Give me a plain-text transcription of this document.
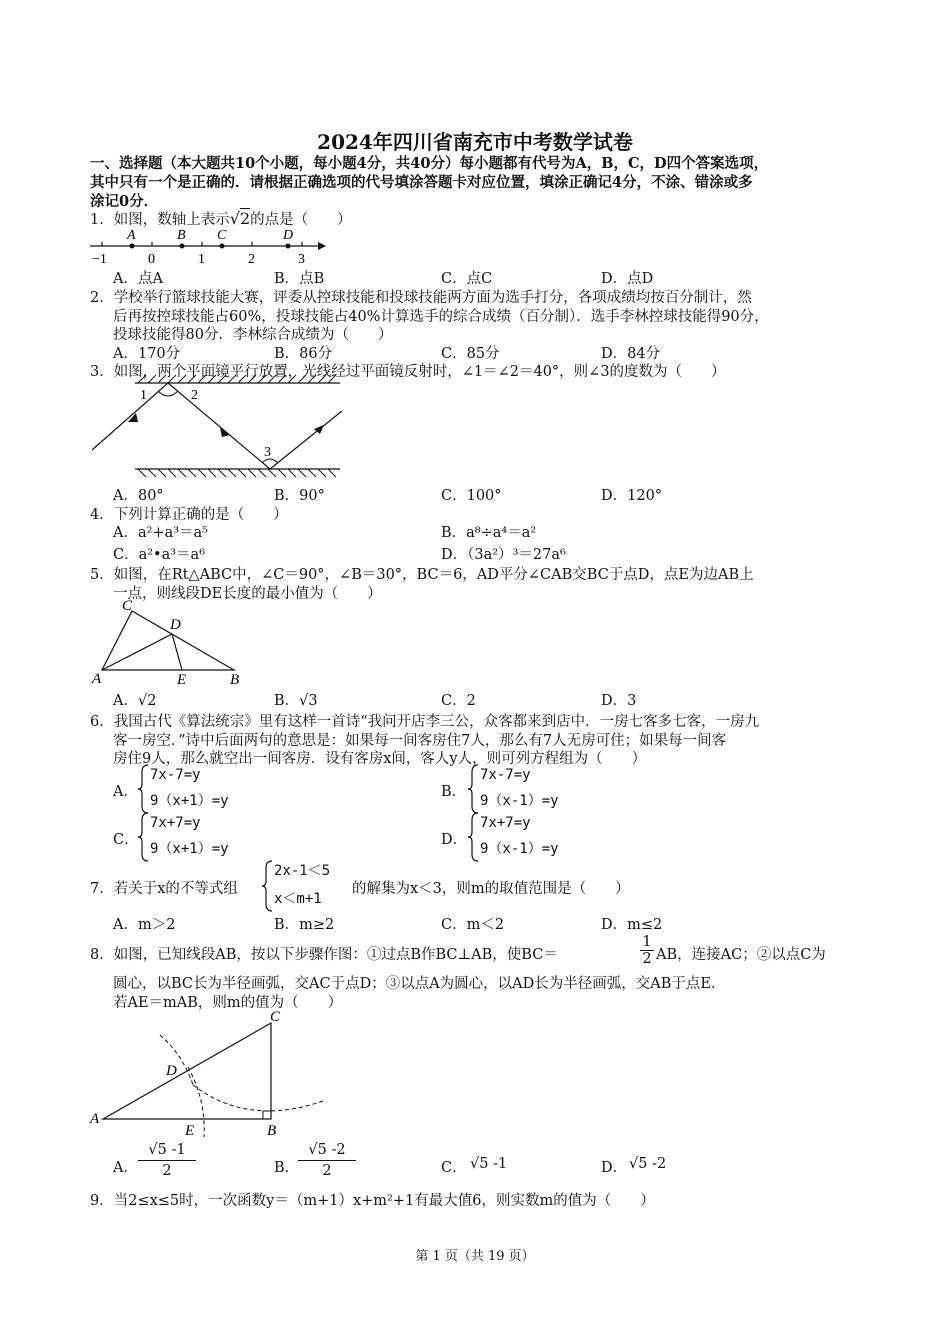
2024年四川省南充市中考数学试卷
一、选择题（本大题共10个小题，每小题4分，共40分）每小题都有代号为A，B，C，D四个答案选项，
其中只有一个是正确的．请根据正确选项的代号填涂答题卡对应位置，填涂正确记4分，不涂、错涂或多
涂记0分．
1．如图，数轴上表示√2的点是（　　）
A	B C	D
−1	0	1	2	3
A．点A	B．点B	C．点C	D．点D
2．学校举行篮球技能大赛，评委从控球技能和投球技能两方面为选手打分，各项成绩均按百分制计，然
后再按控球技能占60%，投球技能占40%计算选手的综合成绩（百分制）．选手李林控球技能得90分，
投球技能得80分．李林综合成绩为（　　）
A．170分	B．86分	C．85分	D．84分
3．如图，两个平面镜平行放置，光线经过平面镜反射时，∠1＝∠2＝40°，则∠3的度数为（　　）
1	2
3
A．80°	B．90°	C．100°	D．120°
4．下列计算正确的是（　　）
A．a²+a³＝a⁵	B．a⁸÷a⁴＝a²
C．a²•a³＝a⁶	D．（3a²）³＝27a⁶
5．如图，在Rt△ABC中，∠C＝90°，∠B＝30°，BC＝6，AD平分∠CAB交BC于点D，点E为边AB上
一点，则线段DE长度的最小值为（　　）
C
D
A	E	B
A．√2	B．√3	C．2	D．3
6．我国古代《算法统宗》里有这样一首诗“我问开店李三公，众客都来到店中．一房七客多七客，一房九
客一房空．”诗中后面两句的意思是：如果每一间客房住7人，那么有7人无房可住；如果每一间客
房住9人，那么就空出一间客房．设有客房x间，客人y人，则可列方程组为（　　）
A．
7x-7=y
9（x+1）=y
B．
7x-7=y
9（x-1）=y
C．
7x+7=y
9（x+1）=y
D．
7x+7=y
9（x-1）=y
7．若关于x的不等式组
2x-1＜5
x＜m+1
的解集为x＜3，则m的取值范围是（　　）
A．m＞2	B．m≥2	C．m＜2	D．m≤2
8．如图，已知线段AB，按以下步骤作图：①过点B作BC⊥AB，使BC＝	$\frac{1}{2}$ AB，连接AC；②以点C为
圆心，以BC长为半径画弧，交AC于点D；③以点A为圆心，以AD长为半径画弧，交AB于点E．
若AE＝mAB，则m的值为（　　）
C
D
A
E	B
A． $\frac{√5 -1}{2}$	B．
$\frac{√5 -2}{2}$	C． √5 -1	D． √5 -2
9．当2≤x≤5时，一次函数y＝（m+1）x+m²+1有最大值6，则实数m的值为（　　）
第 1 页（共 19 页）
